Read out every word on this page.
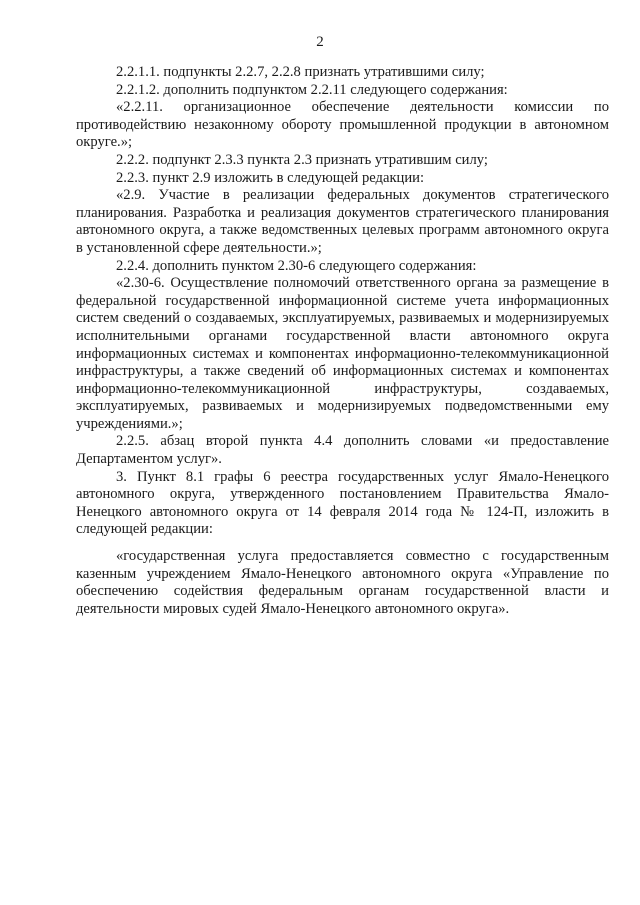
2

2.2.1.1. подпункты 2.2.7, 2.2.8 признать утратившими силу;

2.2.1.2. дополнить подпунктом 2.2.11 следующего содержания:

«2.2.11. организационное обеспечение деятельности комиссии по противодействию незаконному обороту промышленной продукции в автономном округе.»;

2.2.2. подпункт 2.3.3 пункта 2.3 признать утратившим силу;

2.2.3. пункт 2.9 изложить в следующей редакции:

«2.9. Участие в реализации федеральных документов стратегического планирования. Разработка и реализация документов стратегического планирования автономного округа, а также ведомственных целевых программ автономного округа в установленной сфере деятельности.»;

2.2.4. дополнить пунктом 2.30-6 следующего содержания:

«2.30-6. Осуществление полномочий ответственного органа за размещение в федеральной государственной информационной системе учета информационных систем сведений о создаваемых, эксплуатируемых, развиваемых и модернизируемых исполнительными органами государственной власти автономного округа информационных системах и компонентах информационно-телекоммуникационной инфраструктуры, а также сведений об информационных системах и компонентах информационно-телекоммуникационной инфраструктуры, создаваемых, эксплуатируемых, развиваемых и модернизируемых подведомственными ему учреждениями.»;

2.2.5. абзац второй пункта 4.4 дополнить словами «и предоставление Департаментом услуг».

3. Пункт 8.1 графы 6 реестра государственных услуг Ямало-Ненецкого автономного округа, утвержденного постановлением Правительства Ямало-Ненецкого автономного округа от 14 февраля 2014 года № 124-П, изложить в следующей редакции:

«государственная услуга предоставляется совместно с государственным казенным учреждением Ямало-Ненецкого автономного округа «Управление по обеспечению содействия федеральным органам государственной власти и деятельности мировых судей Ямало-Ненецкого автономного округа».
